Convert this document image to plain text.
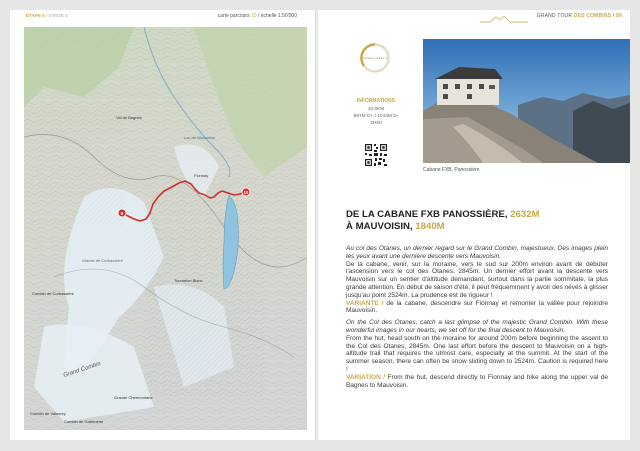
ÉTAPE 5 / STAGE 5	carte parcours 10 / échelle 1:50'000
9
10
Fionnay
Val de Bagnes
Glacier de Corbassière
Tournelon Blanc
Lac de Mauvoisin
Combin de Corbassière
Grand Combin
Combin de Valsorey
Combin de Grafeneire
Grande Chermontane
GRAND TOUR DES COMBINS / 99
NIVEAU LEVEL 3
INFORMATIONS
10.5KM
897M D+ / 1044M D-
3H50
Cabane FXB, Panossière
DE LA CABANE FXB PANOSSIÈRE, 2632M
À MAUVOISIN, 1840M

Au col des Otanes, un dernier regard sur le Grand Combin, majestueux. Des images plein les yeux avant une dernière descente vers Mauvoisin.

De la cabane, venir, sur la moraine, vers le sud sur 200m environ avant de débuter l'ascension vers le col des Otanes, 2845m. Un dernier effort avant la descente vers Mauvoisin sur un sentier d'altitude demandant, surtout dans la partie sommitale, la plus grande attention. En début de saison d'été, il peut fréquemment y avoir des névés à glisser jusqu'au point 2524m. La prudence est de rigueur !

VARIANTE / de la cabane, descendre sur Fionnay et remonter la vallée pour rejoindre Mauvoisin.

On the Col des Otanes, catch a last glimpse of the majestic Grand Combin. With these wonderful images in our hearts, we set off for the final descent to Mauvoisin.

From the hut, head south on the moraine for around 200m before beginning the ascent to the Col des Otanes, 2845m. One last effort before the descent to Mauvoisin on a high-altitude trail that requires the utmost care, especially at the summit. At the start of the summer season, there can often be snow sliding down to 2524m. Caution is required here !

VARIATION / From the hut, descend directly to Fionnay and hike along the upper val de Bagnes to Mauvoisin.
